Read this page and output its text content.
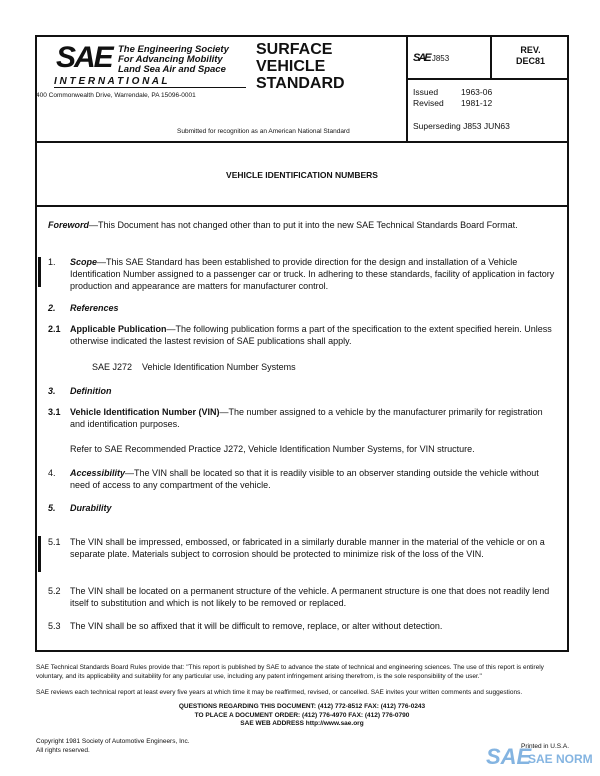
SAE The Engineering Society
For Advancing Mobility
Land Sea Air and Space
I N T E R N A T I O N A L
400 Commonwealth Drive, Warrendale, PA 15096-0001
SURFACE
VEHICLE
STANDARD
Submitted for recognition as an American National Standard
SAE J853
REV.
DEC81
Issued	1963-06
Revised 1981-12
Superseding J853 JUN63
VEHICLE IDENTIFICATION NUMBERS
Foreword—This Document has not changed other than to put it into the new SAE Technical Standards Board Format.
1.	Scope—This SAE Standard has been established to provide direction for the design and installation of a Vehicle Identification Number assigned to a passenger car or truck. In adhering to these standards, facility of application in factory production and appearance are matters for manufacturer control.
2.	References
2.1	Applicable Publication—The following publication forms a part of the specification to the extent specified herein. Unless otherwise indicated the lastest revision of SAE publications shall apply.
SAE J272    Vehicle Identification Number Systems
3.	Definition
3.1	Vehicle Identification Number (VIN)—The number assigned to a vehicle by the manufacturer primarily for registration and identification purposes.
Refer to SAE Recommended Practice J272, Vehicle Identification Number Systems, for VIN structure.
4.	Accessibility—The VIN shall be located so that it is readily visible to an observer standing outside the vehicle without need of access to any compartment of the vehicle.
5.	Durability
5.1	The VIN shall be impressed, embossed, or fabricated in a similarly durable manner in the material of the vehicle or on a separate plate. Materials subject to corrosion should be protected to minimize risk of the loss of the VIN.
5.2	The VIN shall be located on a permanent structure of the vehicle. A permanent structure is one that does not readily lend itself to substitution and which is not likely to be removed or replaced.
5.3	The VIN shall be so affixed that it will be difficult to remove, replace, or alter without detection.
SAE Technical Standards Board Rules provide that: "This report is published by SAE to advance the state of technical and engineering sciences. The use of this report is entirely voluntary, and its applicability and suitability for any particular use, including any patent infringement arising therefrom, is the sole responsibility of the user."
SAE reviews each technical report at least every five years at which time it may be reaffirmed, revised, or cancelled. SAE invites your written comments and suggestions.
QUESTIONS REGARDING THIS DOCUMENT: (412) 772-8512 FAX: (412) 776-0243
TO PLACE A DOCUMENT ORDER: (412) 776-4970 FAX: (412) 776-0790
SAE WEB ADDRESS http://www.sae.org
Copyright 1981 Society of Automotive Engineers, Inc.
All rights reserved.
Printed in U.S.A.
SAE
SAE NORM
